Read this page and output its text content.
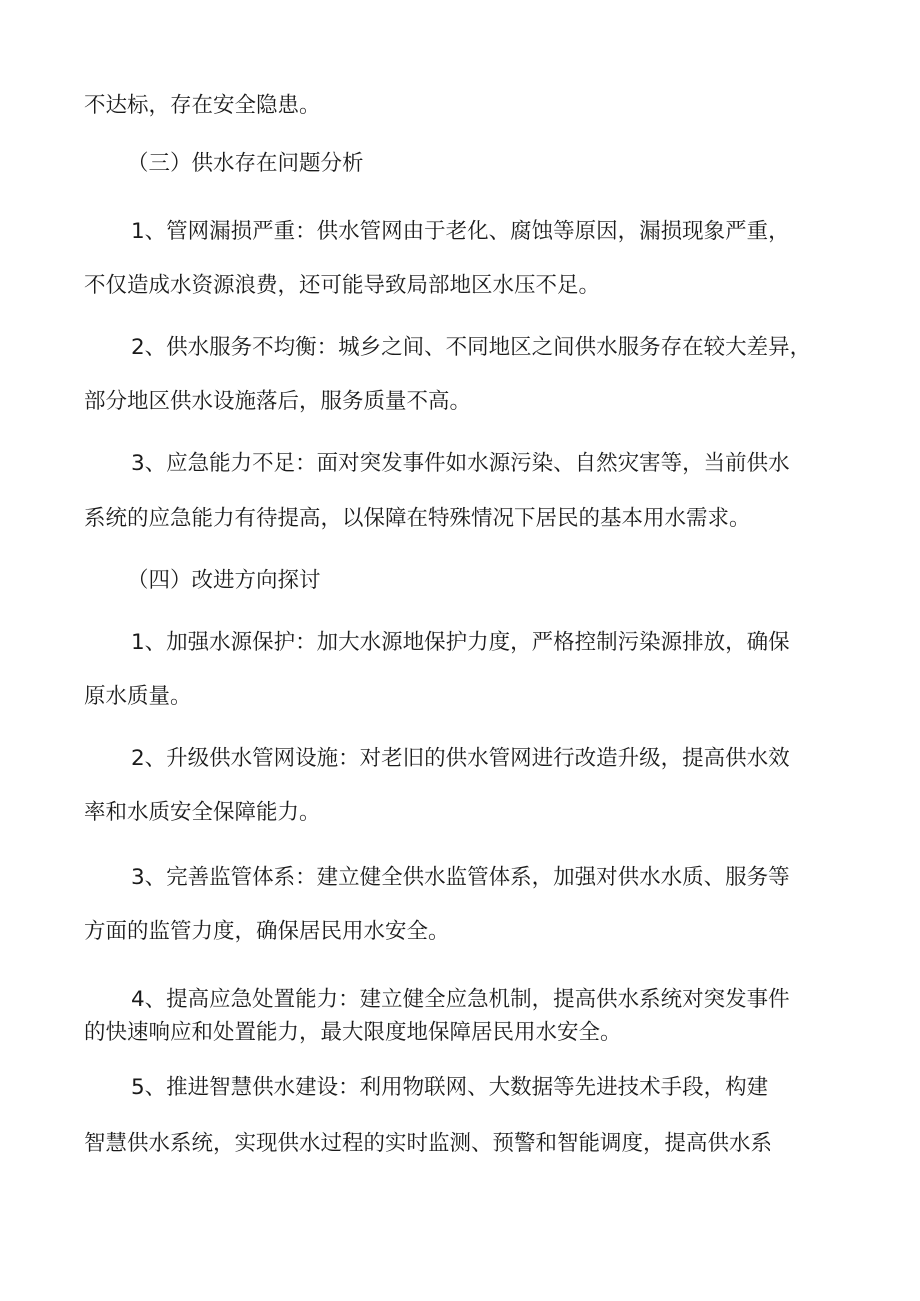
不达标，存在安全隐患。
（三）供水存在问题分析
1、管网漏损严重：供水管网由于老化、腐蚀等原因，漏损现象严重，
不仅造成水资源浪费，还可能导致局部地区水压不足。
2、供水服务不均衡：城乡之间、不同地区之间供水服务存在较大差异，
部分地区供水设施落后，服务质量不高。
3、应急能力不足：面对突发事件如水源污染、自然灾害等，当前供水
系统的应急能力有待提高，以保障在特殊情况下居民的基本用水需求。
（四）改进方向探讨
1、加强水源保护：加大水源地保护力度，严格控制污染源排放，确保
原水质量。
2、升级供水管网设施：对老旧的供水管网进行改造升级，提高供水效
率和水质安全保障能力。
3、完善监管体系：建立健全供水监管体系，加强对供水水质、服务等
方面的监管力度，确保居民用水安全。
4、提高应急处置能力：建立健全应急机制，提高供水系统对突发事件
的快速响应和处置能力，最大限度地保障居民用水安全。
5、推进智慧供水建设：利用物联网、大数据等先进技术手段，构建
智慧供水系统，实现供水过程的实时监测、预警和智能调度，提高供水系
